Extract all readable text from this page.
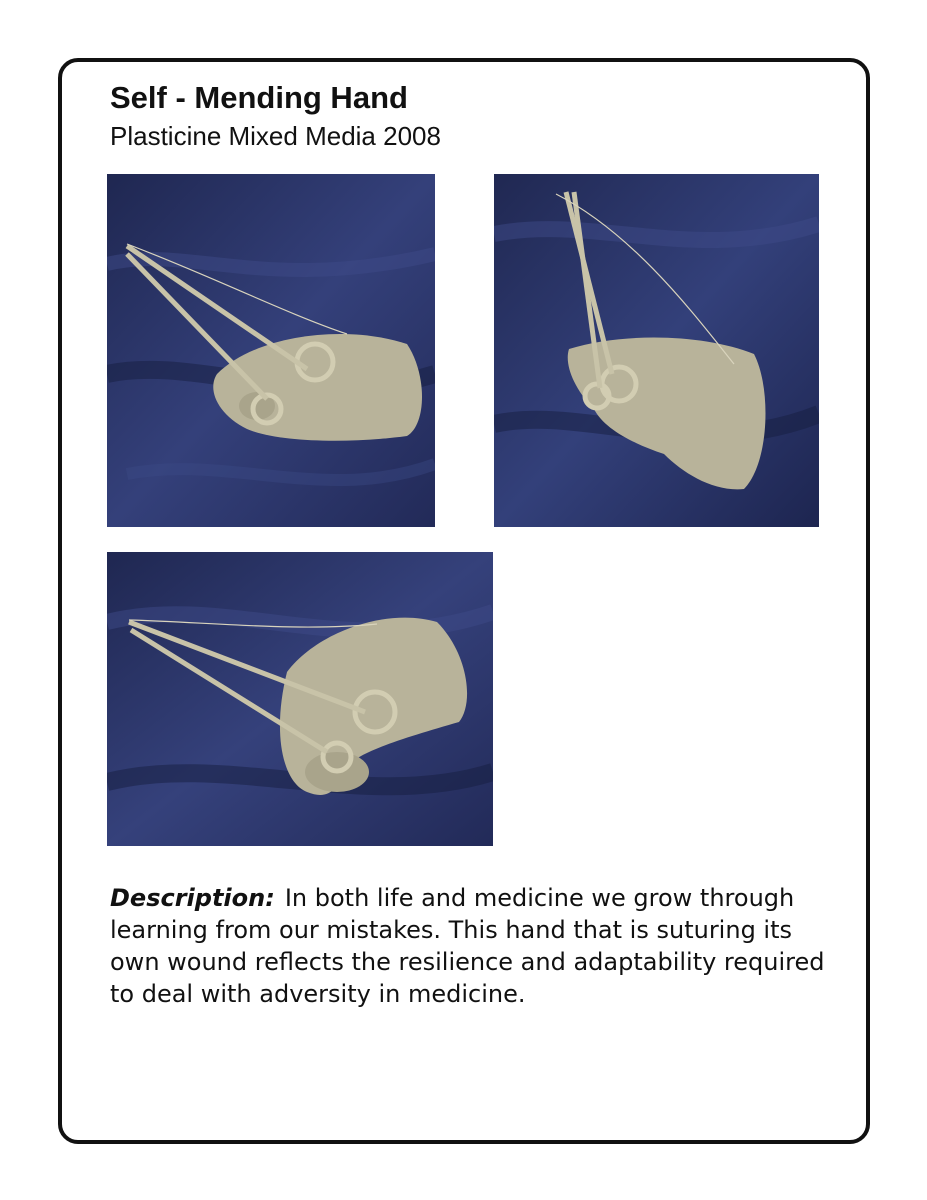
Self - Mending Hand
Plasticine Mixed Media 2008
Description: In both life and medicine we grow through learning from our mistakes. This hand that is suturing its own wound reflects the resilience and adaptability required to deal with adversity in medicine.
